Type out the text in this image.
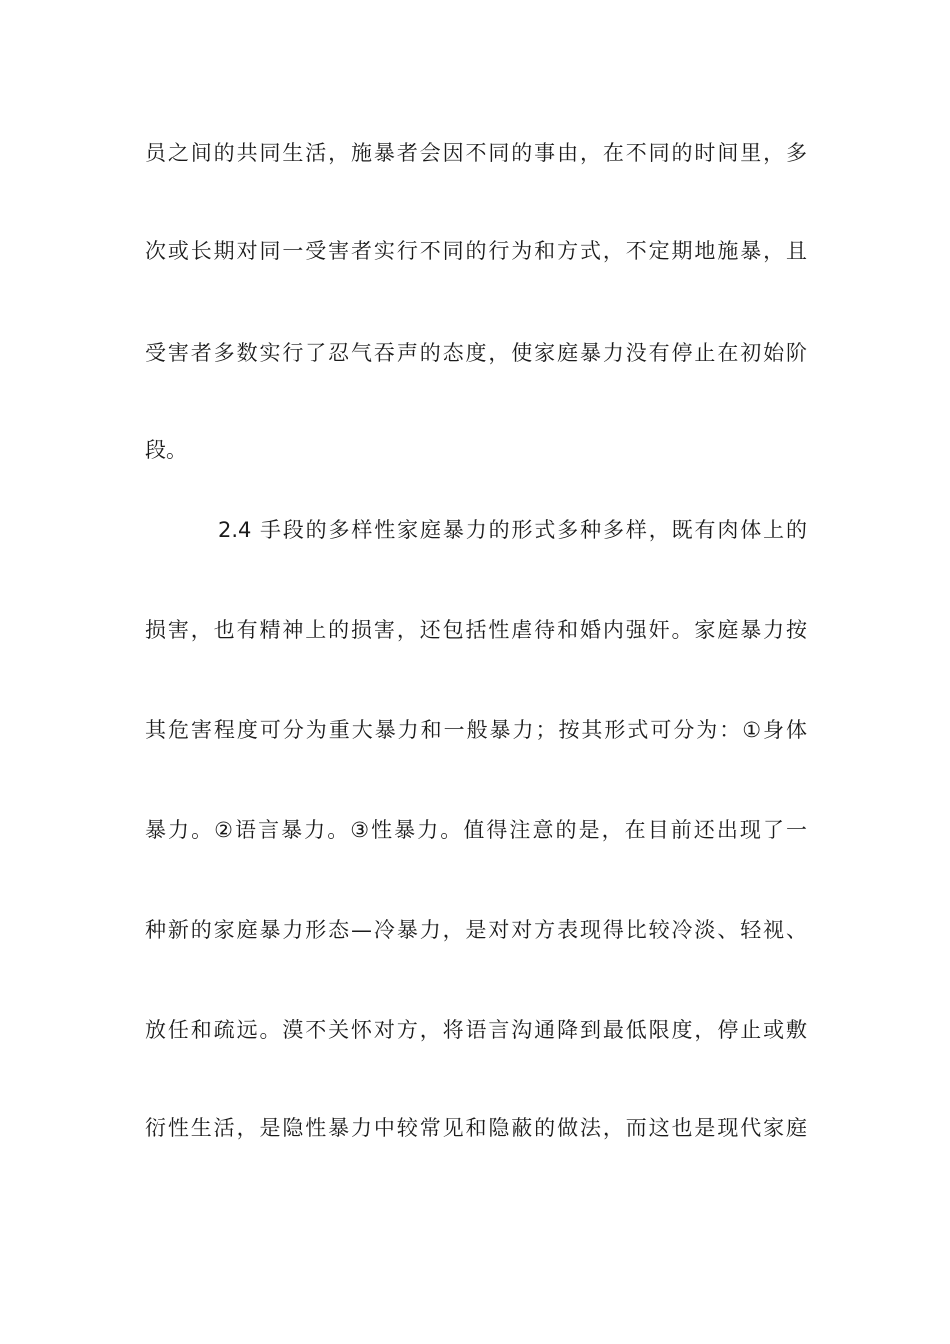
员之间的共同生活，施暴者会因不同的事由，在不同的时间里，多
次或长期对同一受害者实行不同的行为和方式，不定期地施暴，且
受害者多数实行了忍气吞声的态度，使家庭暴力没有停止在初始阶
段。
2.4 手段的多样性家庭暴力的形式多种多样，既有肉体上的
损害，也有精神上的损害，还包括性虐待和婚内强奸。家庭暴力按
其危害程度可分为重大暴力和一般暴力；按其形式可分为：①身体
暴力。②语言暴力。③性暴力。值得注意的是，在目前还出现了一
种新的家庭暴力形态—冷暴力，是对对方表现得比较冷淡、轻视、
放任和疏远。漠不关怀对方，将语言沟通降到最低限度，停止或敷
衍性生活，是隐性暴力中较常见和隐蔽的做法，而这也是现代家庭
